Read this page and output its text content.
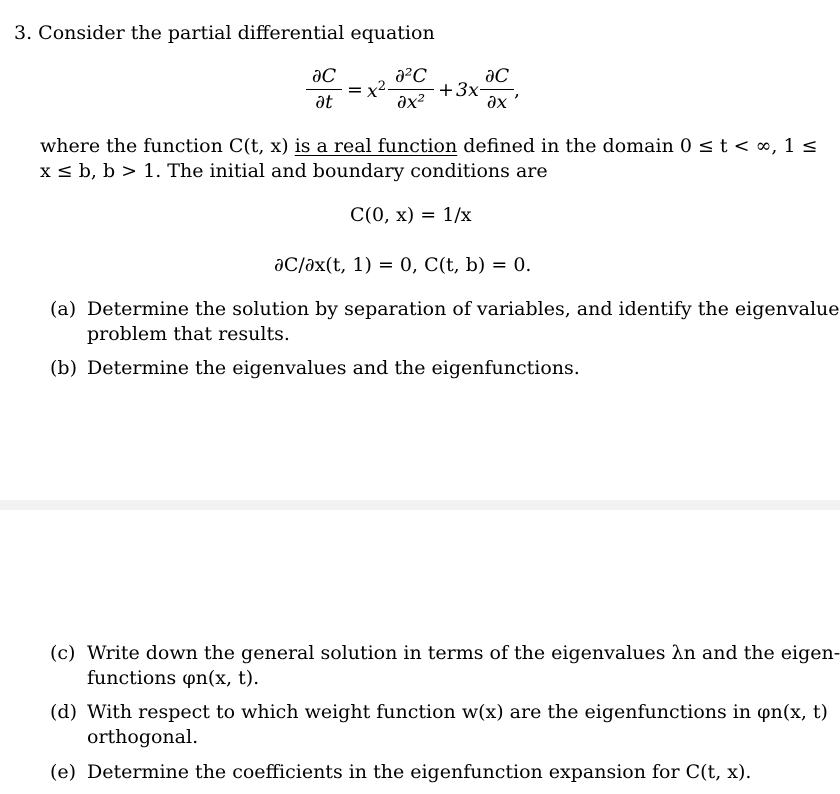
3. Consider the partial differential equation
∂C
∂t
= $x^2$ ∂²C
∂x²
+ 3x
∂C
∂x
,
where the function C(t, x) is a real function defined in the domain 0 ≤ t < ∞, 1 ≤
x ≤ b, b > 1. The initial and boundary conditions are
C(0, x) = 1/x
∂C/∂x(t, 1) = 0, C(t, b) = 0.
(a) Determine the solution by separation of variables, and identify the eigenvalue
problem that results.
(b) Determine the eigenvalues and the eigenfunctions.
(c) Write down the general solution in terms of the eigenvalues λn and the eigen-
functions φn(x, t).
(d) With respect to which weight function w(x) are the eigenfunctions in φn(x, t)
orthogonal.
(e) Determine the coefficients in the eigenfunction expansion for C(t, x).
